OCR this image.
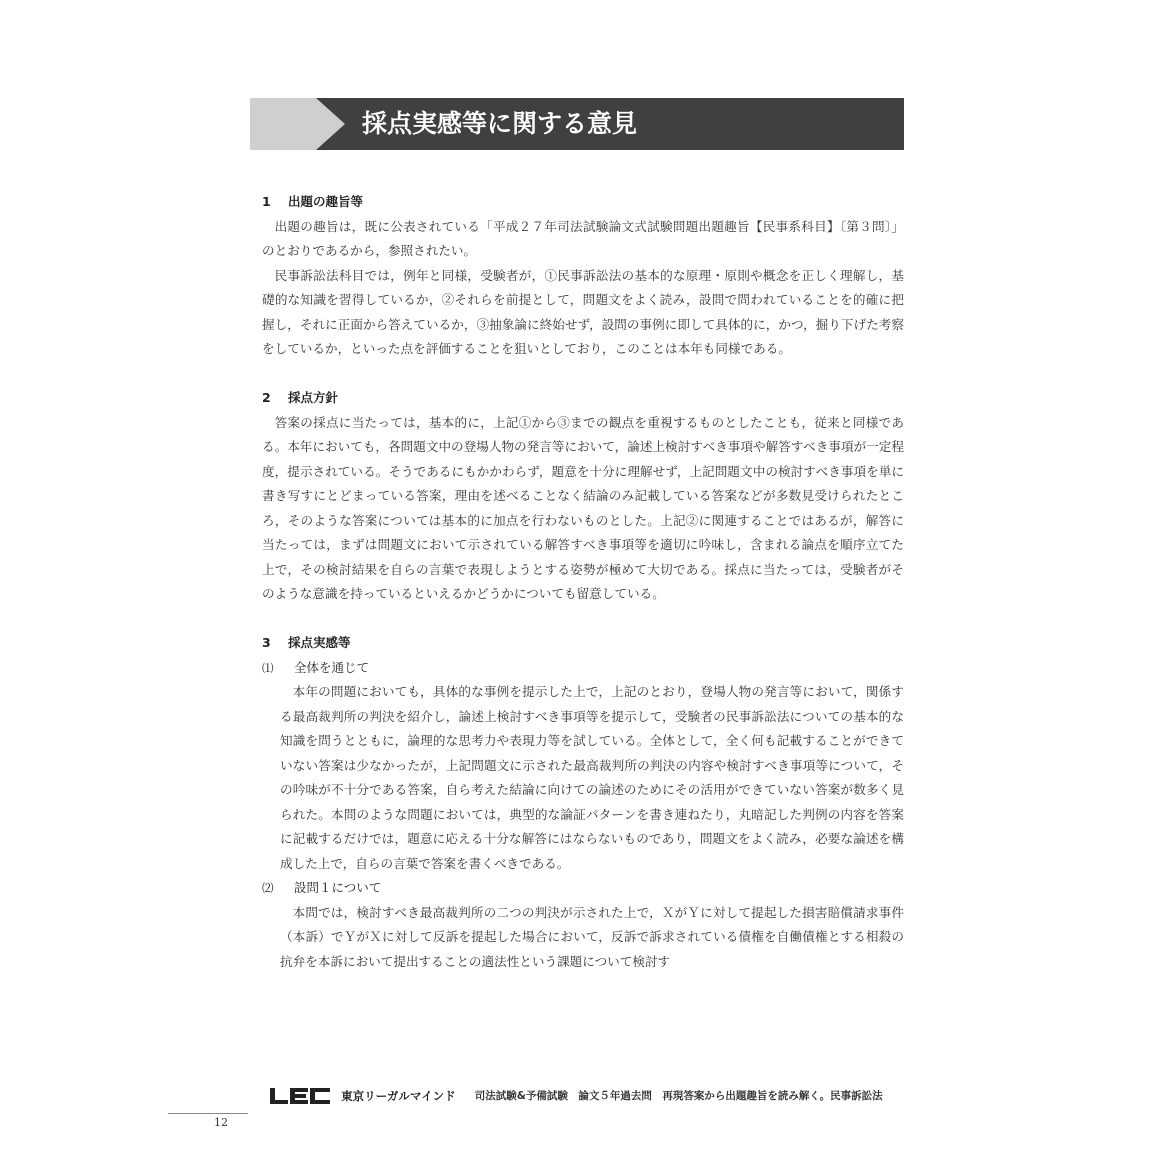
採点実感等に関する意見
1 出題の趣旨等

出題の趣旨は，既に公表されている「平成２７年司法試験論文式試験問題出題趣旨【民事系科目】〔第３問〕」のとおりであるから，参照されたい。

民事訴訟法科目では，例年と同様，受験者が，①民事訴訟法の基本的な原理・原則や概念を正しく理解し，基礎的な知識を習得しているか，②それらを前提として，問題文をよく読み，設問で問われていることを的確に把握し，それに正面から答えているか，③抽象論に終始せず，設問の事例に即して具体的に，かつ，掘り下げた考察をしているか，といった点を評価することを狙いとしており，このことは本年も同様である。

2 採点方針

答案の採点に当たっては，基本的に，上記①から③までの観点を重視するものとしたことも，従来と同様である。本年においても，各問題文中の登場人物の発言等において，論述上検討すべき事項や解答すべき事項が一定程度，提示されている。そうであるにもかかわらず，題意を十分に理解せず，上記問題文中の検討すべき事項を単に書き写すにとどまっている答案，理由を述べることなく結論のみ記載している答案などが多数見受けられたところ，そのような答案については基本的に加点を行わないものとした。上記②に関連することではあるが，解答に当たっては，まずは問題文において示されている解答すべき事項等を適切に吟味し，含まれる論点を順序立てた上で，その検討結果を自らの言葉で表現しようとする姿勢が極めて大切である。採点に当たっては，受験者がそのような意識を持っているといえるかどうかについても留意している。

3 採点実感等
⑴ 全体を通じて

本年の問題においても，具体的な事例を提示した上で，上記のとおり，登場人物の発言等において，関係する最高裁判所の判決を紹介し，論述上検討すべき事項等を提示して，受験者の民事訴訟法についての基本的な知識を問うとともに，論理的な思考力や表現力等を試している。全体として，全く何も記載することができていない答案は少なかったが，上記問題文に示された最高裁判所の判決の内容や検討すべき事項等について，その吟味が不十分である答案，自ら考えた結論に向けての論述のためにその活用ができていない答案が数多く見られた。本問のような問題においては，典型的な論証パターンを書き連ねたり，丸暗記した判例の内容を答案に記載するだけでは，題意に応える十分な解答にはならないものであり，問題文をよく読み，必要な論述を構成した上で，自らの言葉で答案を書くべきである。

⑵ 設問１について

本問では，検討すべき最高裁判所の二つの判決が示された上で，ＸがＹに対して提起した損害賠償請求事件（本訴）でＹがＸに対して反訴を提起した場合において，反訴で訴求されている債権を自働債権とする相殺の抗弁を本訴において提出することの適法性という課題について検討す

東京リーガルマインド 司法試験&予備試験　論文５年過去問　再現答案から出題趣旨を読み解く。民事訴訟法
12
